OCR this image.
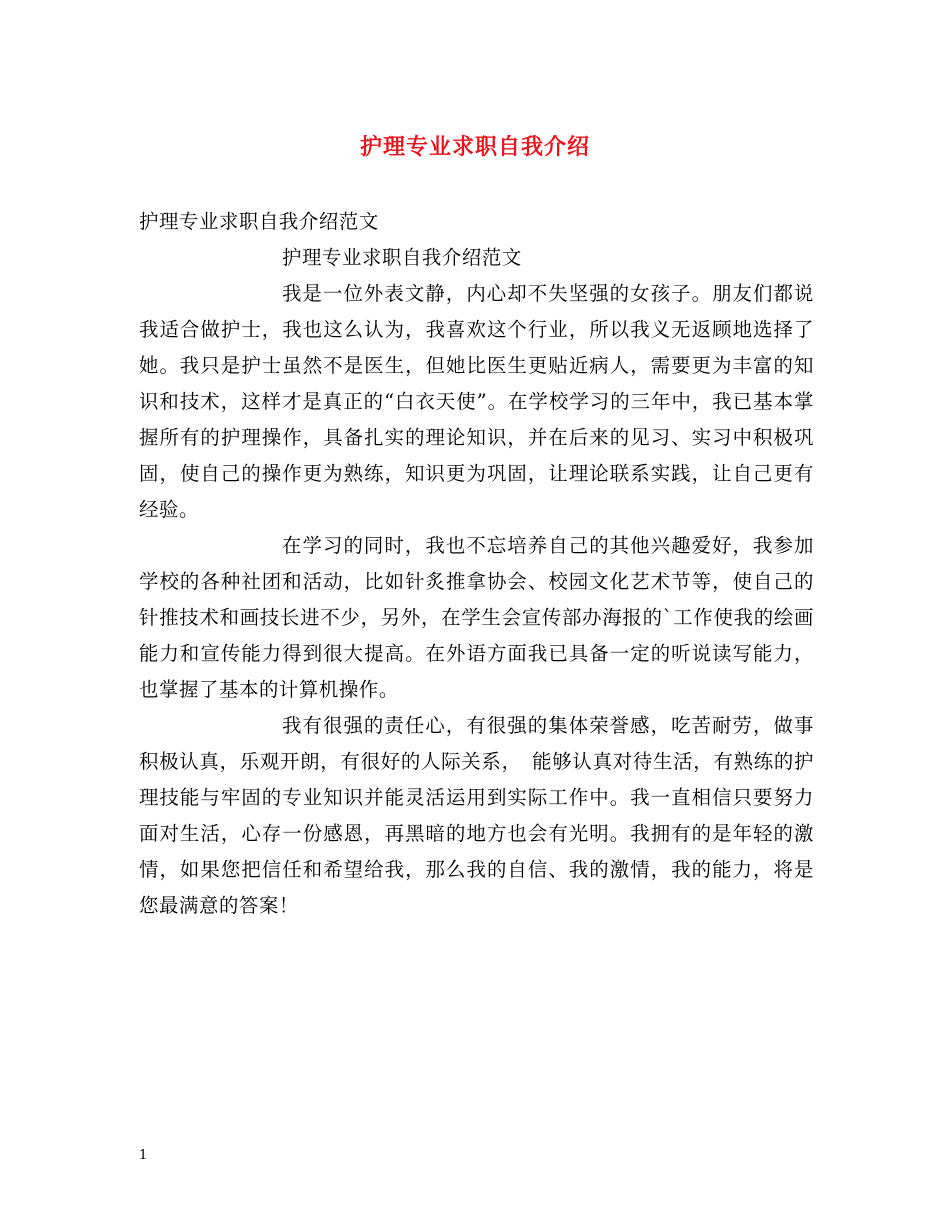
护理专业求职自我介绍

护理专业求职自我介绍范文

护理专业求职自我介绍范文

我是一位外表文静，内心却不失坚强的女孩子。朋友们都说我适合做护士，我也这么认为，我喜欢这个行业，所以我义无返顾地选择了她。我只是护士虽然不是医生，但她比医生更贴近病人，需要更为丰富的知识和技术，这样才是真正的“白衣天使”。在学校学习的三年中，我已基本掌握所有的护理操作，具备扎实的理论知识，并在后来的见习、实习中积极巩固，使自己的操作更为熟练，知识更为巩固，让理论联系实践，让自己更有经验。

在学习的同时，我也不忘培养自己的其他兴趣爱好，我参加学校的各种社团和活动，比如针炙推拿协会、校园文化艺术节等，使自己的针推技术和画技长进不少，另外，在学生会宣传部办海报的`工作使我的绘画能力和宣传能力得到很大提高。在外语方面我已具备一定的听说读写能力，也掌握了基本的计算机操作。

我有很强的责任心，有很强的集体荣誉感，吃苦耐劳，做事积极认真，乐观开朗，有很好的人际关系，　能够认真对待生活，有熟练的护理技能与牢固的专业知识并能灵活运用到实际工作中。我一直相信只要努力面对生活，心存一份感恩，再黑暗的地方也会有光明。我拥有的是年轻的激情，如果您把信任和希望给我，那么我的自信、我的激情，我的能力，将是您最满意的答案！

1
